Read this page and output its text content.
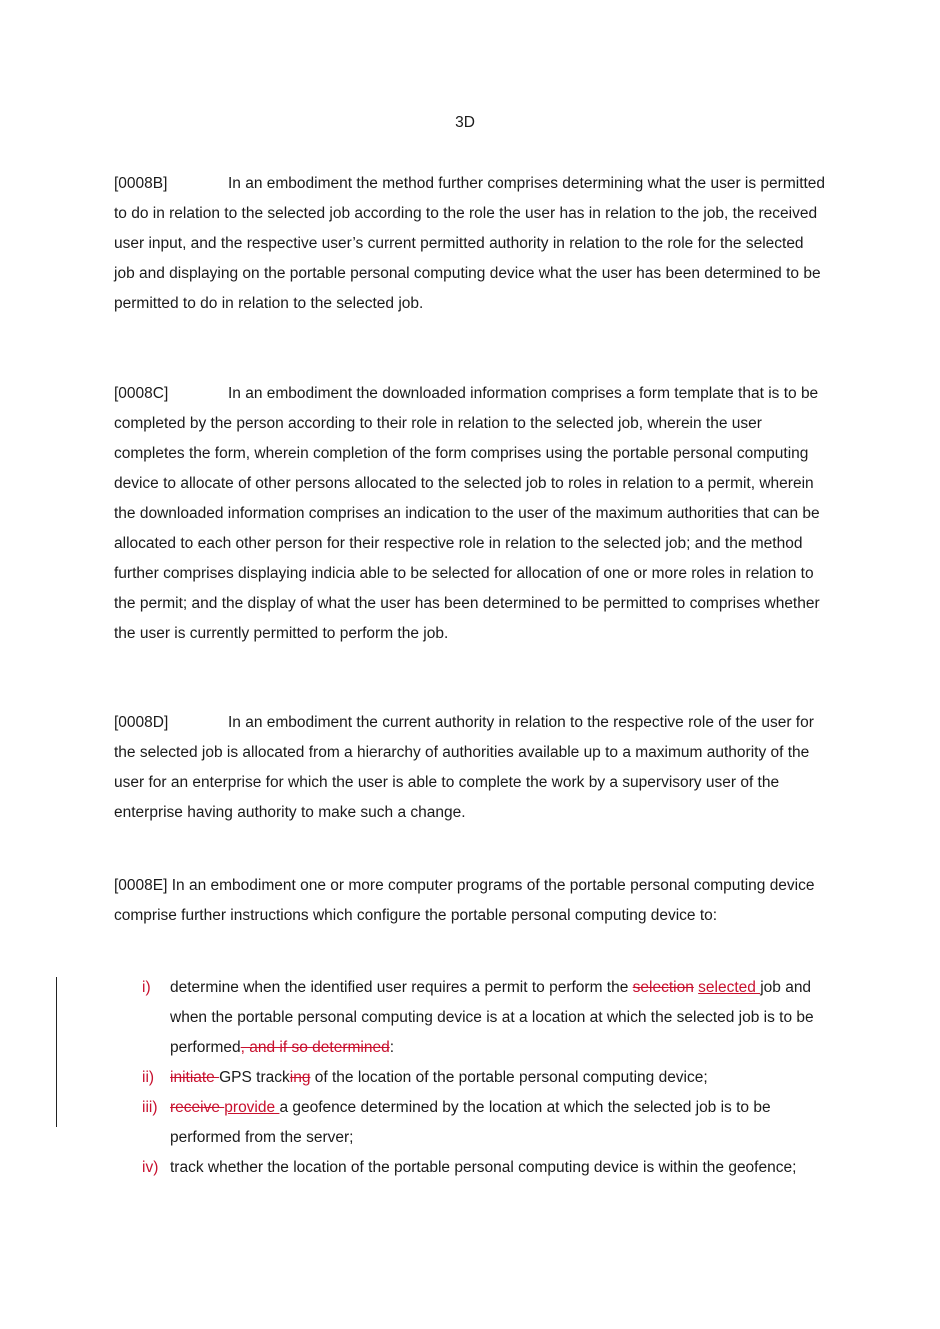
3D

[0008B]	In an embodiment the method further comprises determining what the user is permitted to do in relation to the selected job according to the role the user has in relation to the job, the received user input, and the respective user’s current permitted authority in relation to the role for the selected job and displaying on the portable personal computing device what the user has been determined to be permitted to do in relation to the selected job.

[0008C]	In an embodiment the downloaded information comprises a form template that is to be completed by the person according to their role in relation to the selected job, wherein the user completes the form, wherein completion of the form comprises using the portable personal computing device to allocate of other persons allocated to the selected job to roles in relation to a permit, wherein the downloaded information comprises an indication to the user of the maximum authorities that can be allocated to each other person for their respective role in relation to the selected job; and the method further comprises displaying indicia able to be selected for allocation of one or more roles in relation to the permit; and the display of what the user has been determined to be permitted to comprises whether the user is currently permitted to perform the job.

[0008D]	In an embodiment the current authority in relation to the respective role of the user for the selected job is allocated from a hierarchy of authorities available up to a maximum authority of the user for an enterprise for which the user is able to complete the work by a supervisory user of the enterprise having authority to make such a change.

[0008E] In an embodiment one or more computer programs of the portable personal computing device comprise further instructions which configure the portable personal computing device to:

i) determine when the identified user requires a permit to perform the selection selected job and when the portable personal computing device is at a location at which the selected job is to be performed, and if so determined:
ii) initiate GPS tracking of the location of the portable personal computing device;
iii) receive provide a geofence determined by the location at which the selected job is to be performed from the server;
iv) track whether the location of the portable personal computing device is within the geofence;
